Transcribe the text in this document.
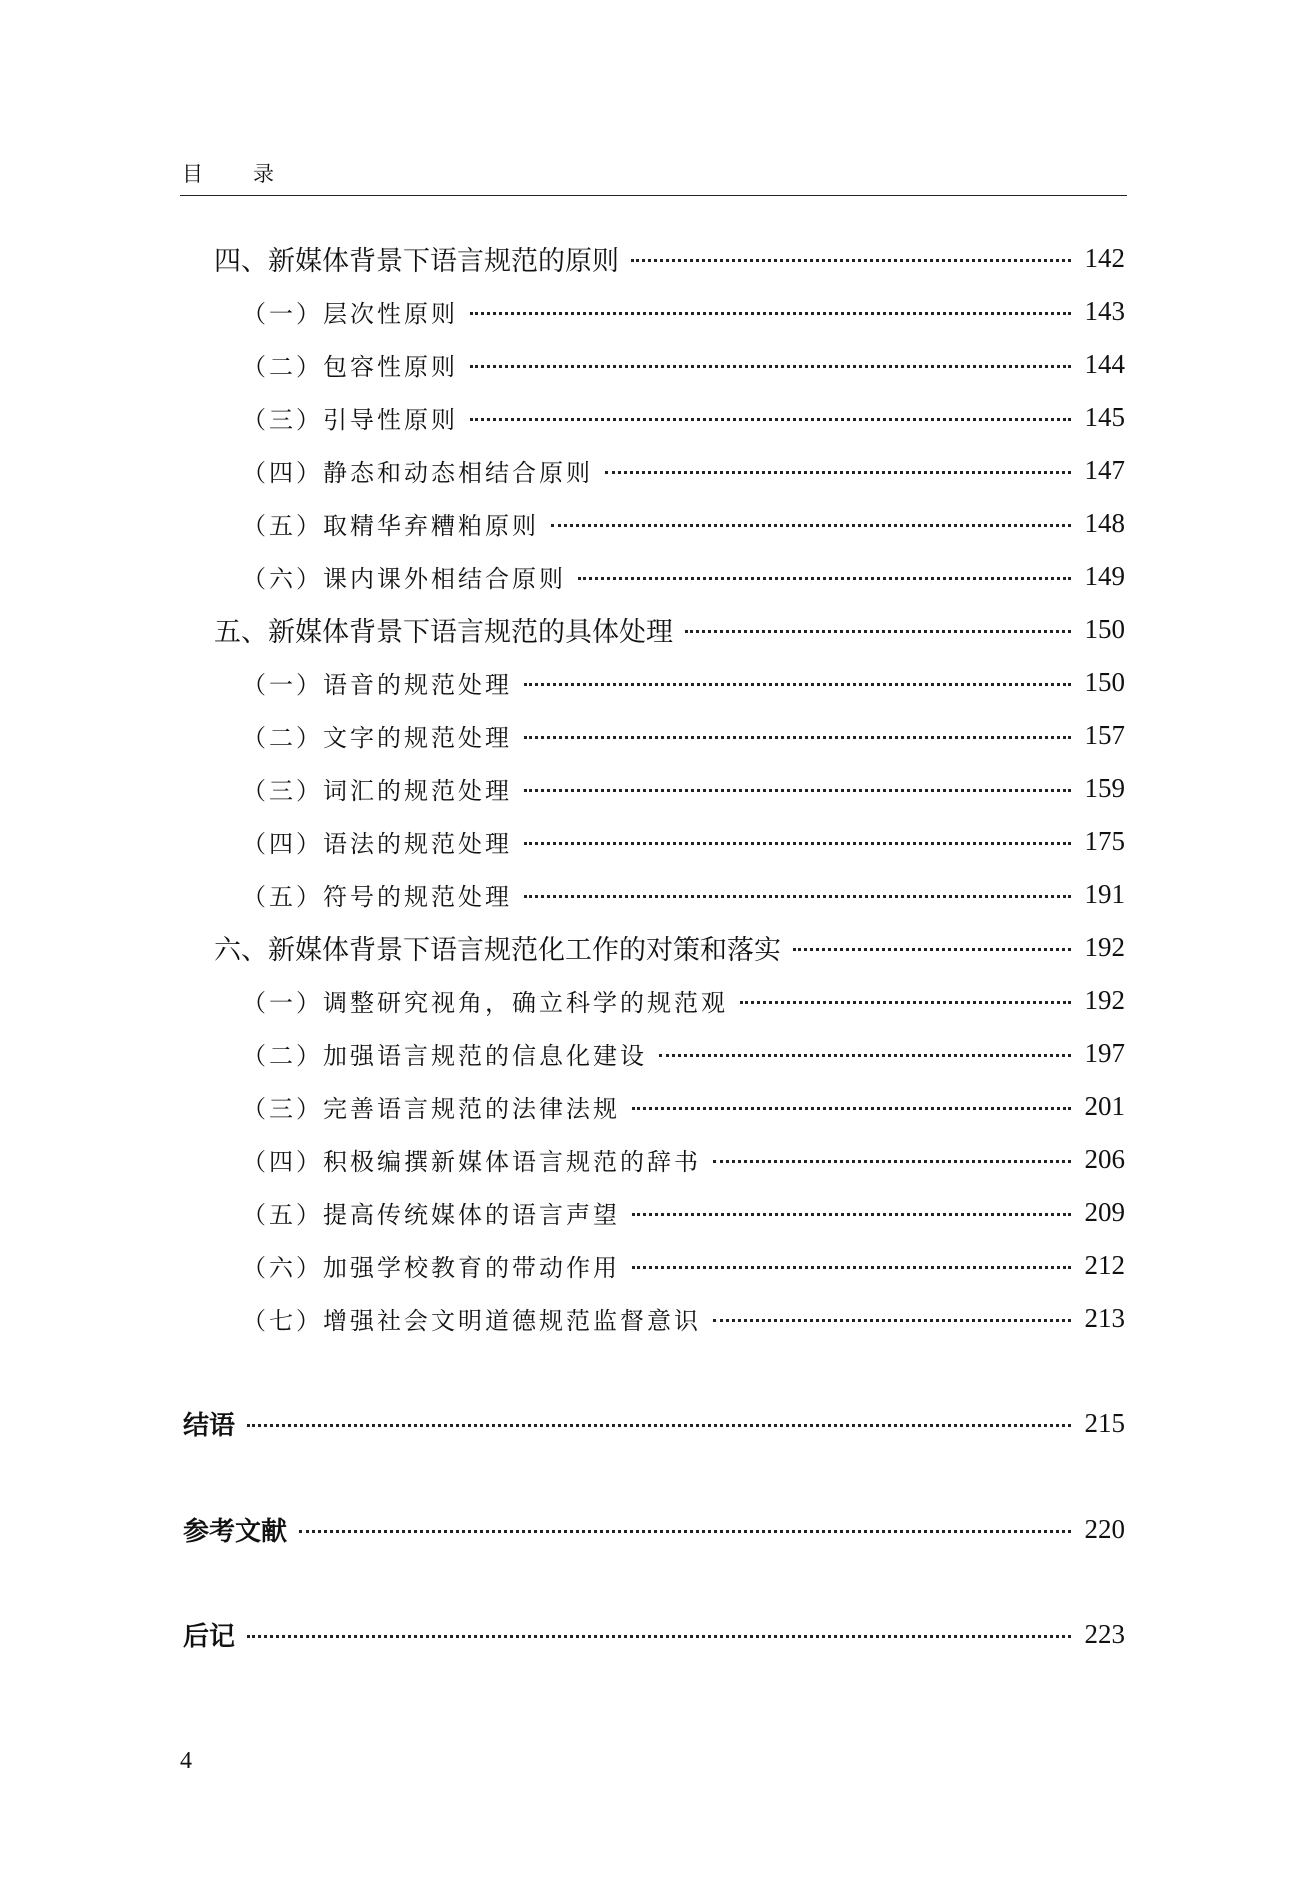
目 录
四、新媒体背景下语言规范的原则	142
（一）层次性原则	143
（二）包容性原则	144
（三）引导性原则	145
（四）静态和动态相结合原则	147
（五）取精华弃糟粕原则	148
（六）课内课外相结合原则	149
五、新媒体背景下语言规范的具体处理	150
（一）语音的规范处理	150
（二）文字的规范处理	157
（三）词汇的规范处理	159
（四）语法的规范处理	175
（五）符号的规范处理	191
六、新媒体背景下语言规范化工作的对策和落实	192
（一）调整研究视角，确立科学的规范观	192
（二）加强语言规范的信息化建设	197
（三）完善语言规范的法律法规	201
（四）积极编撰新媒体语言规范的辞书	206
（五）提高传统媒体的语言声望	209
（六）加强学校教育的带动作用	212
（七）增强社会文明道德规范监督意识	213
结语	215
参考文献	220
后记	223
4
